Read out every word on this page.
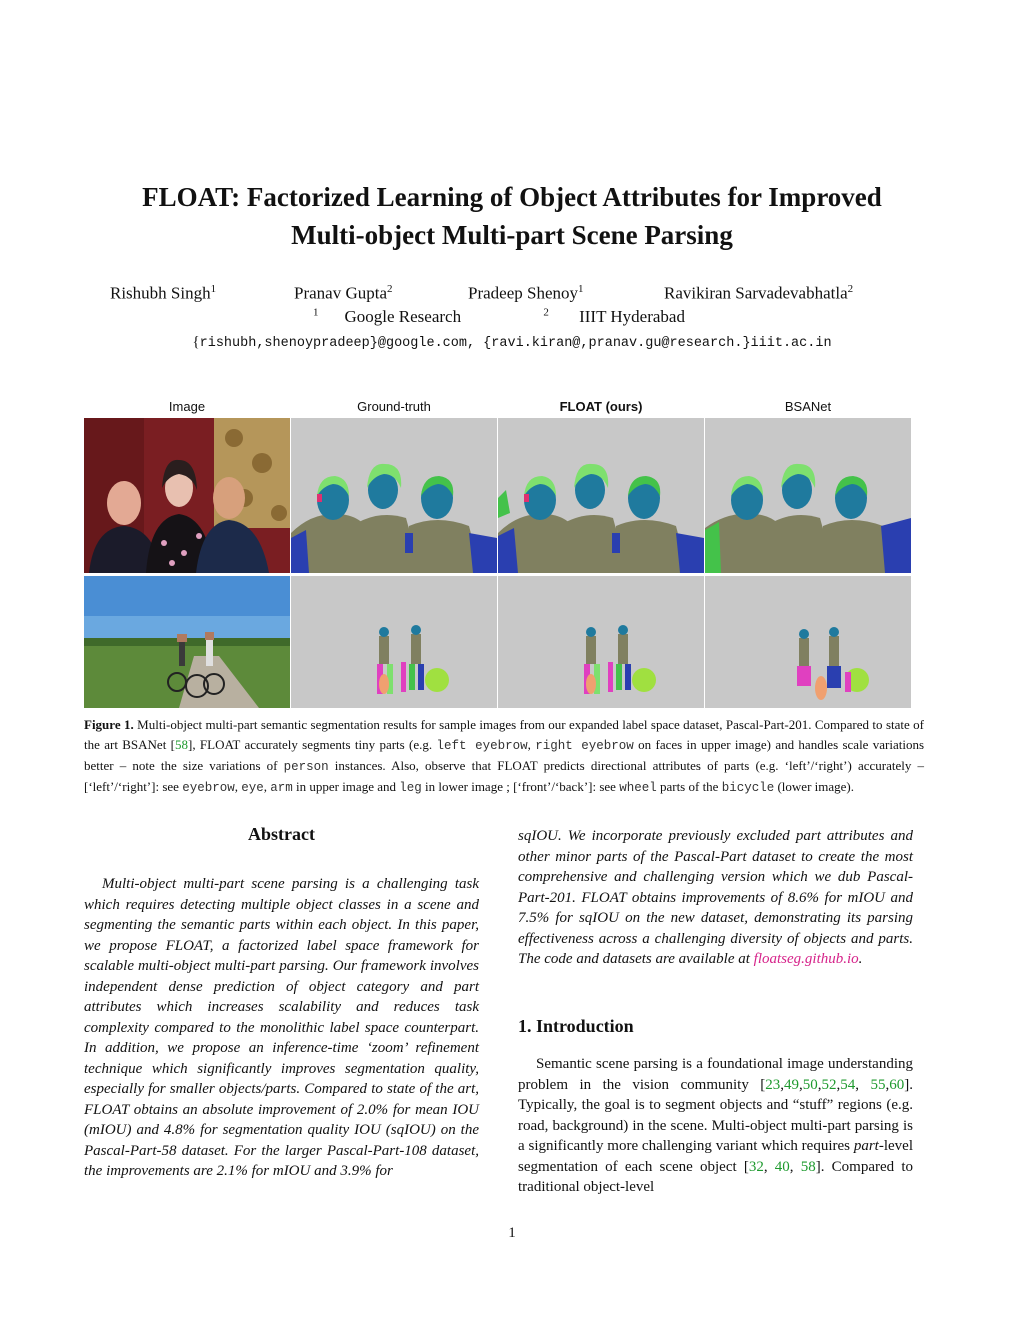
FLOAT: Factorized Learning of Object Attributes for Improved
Multi-object Multi-part Scene Parsing
Rishubh Singh$^1$	Pranav Gupta$^2$	Pradeep Shenoy$^1$	Ravikiran Sarvadevabhatla$^2$
$^1$ Google Research	$^2$ IIIT Hyderabad
{rishubh,shenoypradeep}@google.com, {ravi.kiran@,pranav.gu@research.}iiit.ac.in
Image	Ground-truth	FLOAT (ours)	BSANet
Figure 1. Multi-object multi-part semantic segmentation results for sample images from our expanded label space dataset, Pascal-Part-201. Compared to state of the art BSANet [58], FLOAT accurately segments tiny parts (e.g. left eyebrow, right eyebrow on faces in upper image) and handles scale variations better – note the size variations of person instances. Also, observe that FLOAT predicts directional attributes of parts (e.g. ‘left’/‘right’) accurately – [‘left’/‘right’]: see eyebrow, eye, arm in upper image and leg in lower image ; [‘front’/‘back’]: see wheel parts of the bicycle (lower image).
Abstract

Multi-object multi-part scene parsing is a challenging task which requires detecting multiple object classes in a scene and segmenting the semantic parts within each object. In this paper, we propose FLOAT, a factorized label space framework for scalable multi-object multi-part parsing. Our framework involves independent dense prediction of object category and part attributes which increases scalability and reduces task complexity compared to the monolithic label space counterpart. In addition, we propose an inference-time ‘zoom’ refinement technique which significantly improves segmentation quality, especially for smaller objects/parts. Compared to state of the art, FLOAT obtains an absolute improvement of 2.0% for mean IOU (mIOU) and 4.8% for segmentation quality IOU (sqIOU) on the Pascal-Part-58 dataset. For the larger Pascal-Part-108 dataset, the improvements are 2.1% for mIOU and 3.9% for

sqIOU. We incorporate previously excluded part attributes and other minor parts of the Pascal-Part dataset to create the most comprehensive and challenging version which we dub Pascal-Part-201. FLOAT obtains improvements of 8.6% for mIOU and 7.5% for sqIOU on the new dataset, demonstrating its parsing effectiveness across a challenging diversity of objects and parts. The code and datasets are available at floatseg.github.io.

1. Introduction

Semantic scene parsing is a foundational image understanding problem in the vision community [23,49,50,52,54, 55,60]. Typically, the goal is to segment objects and “stuff” regions (e.g. road, background) in the scene. Multi-object multi-part parsing is a significantly more challenging variant which requires part-level segmentation of each scene object [32, 40, 58]. Compared to traditional object-level

1
